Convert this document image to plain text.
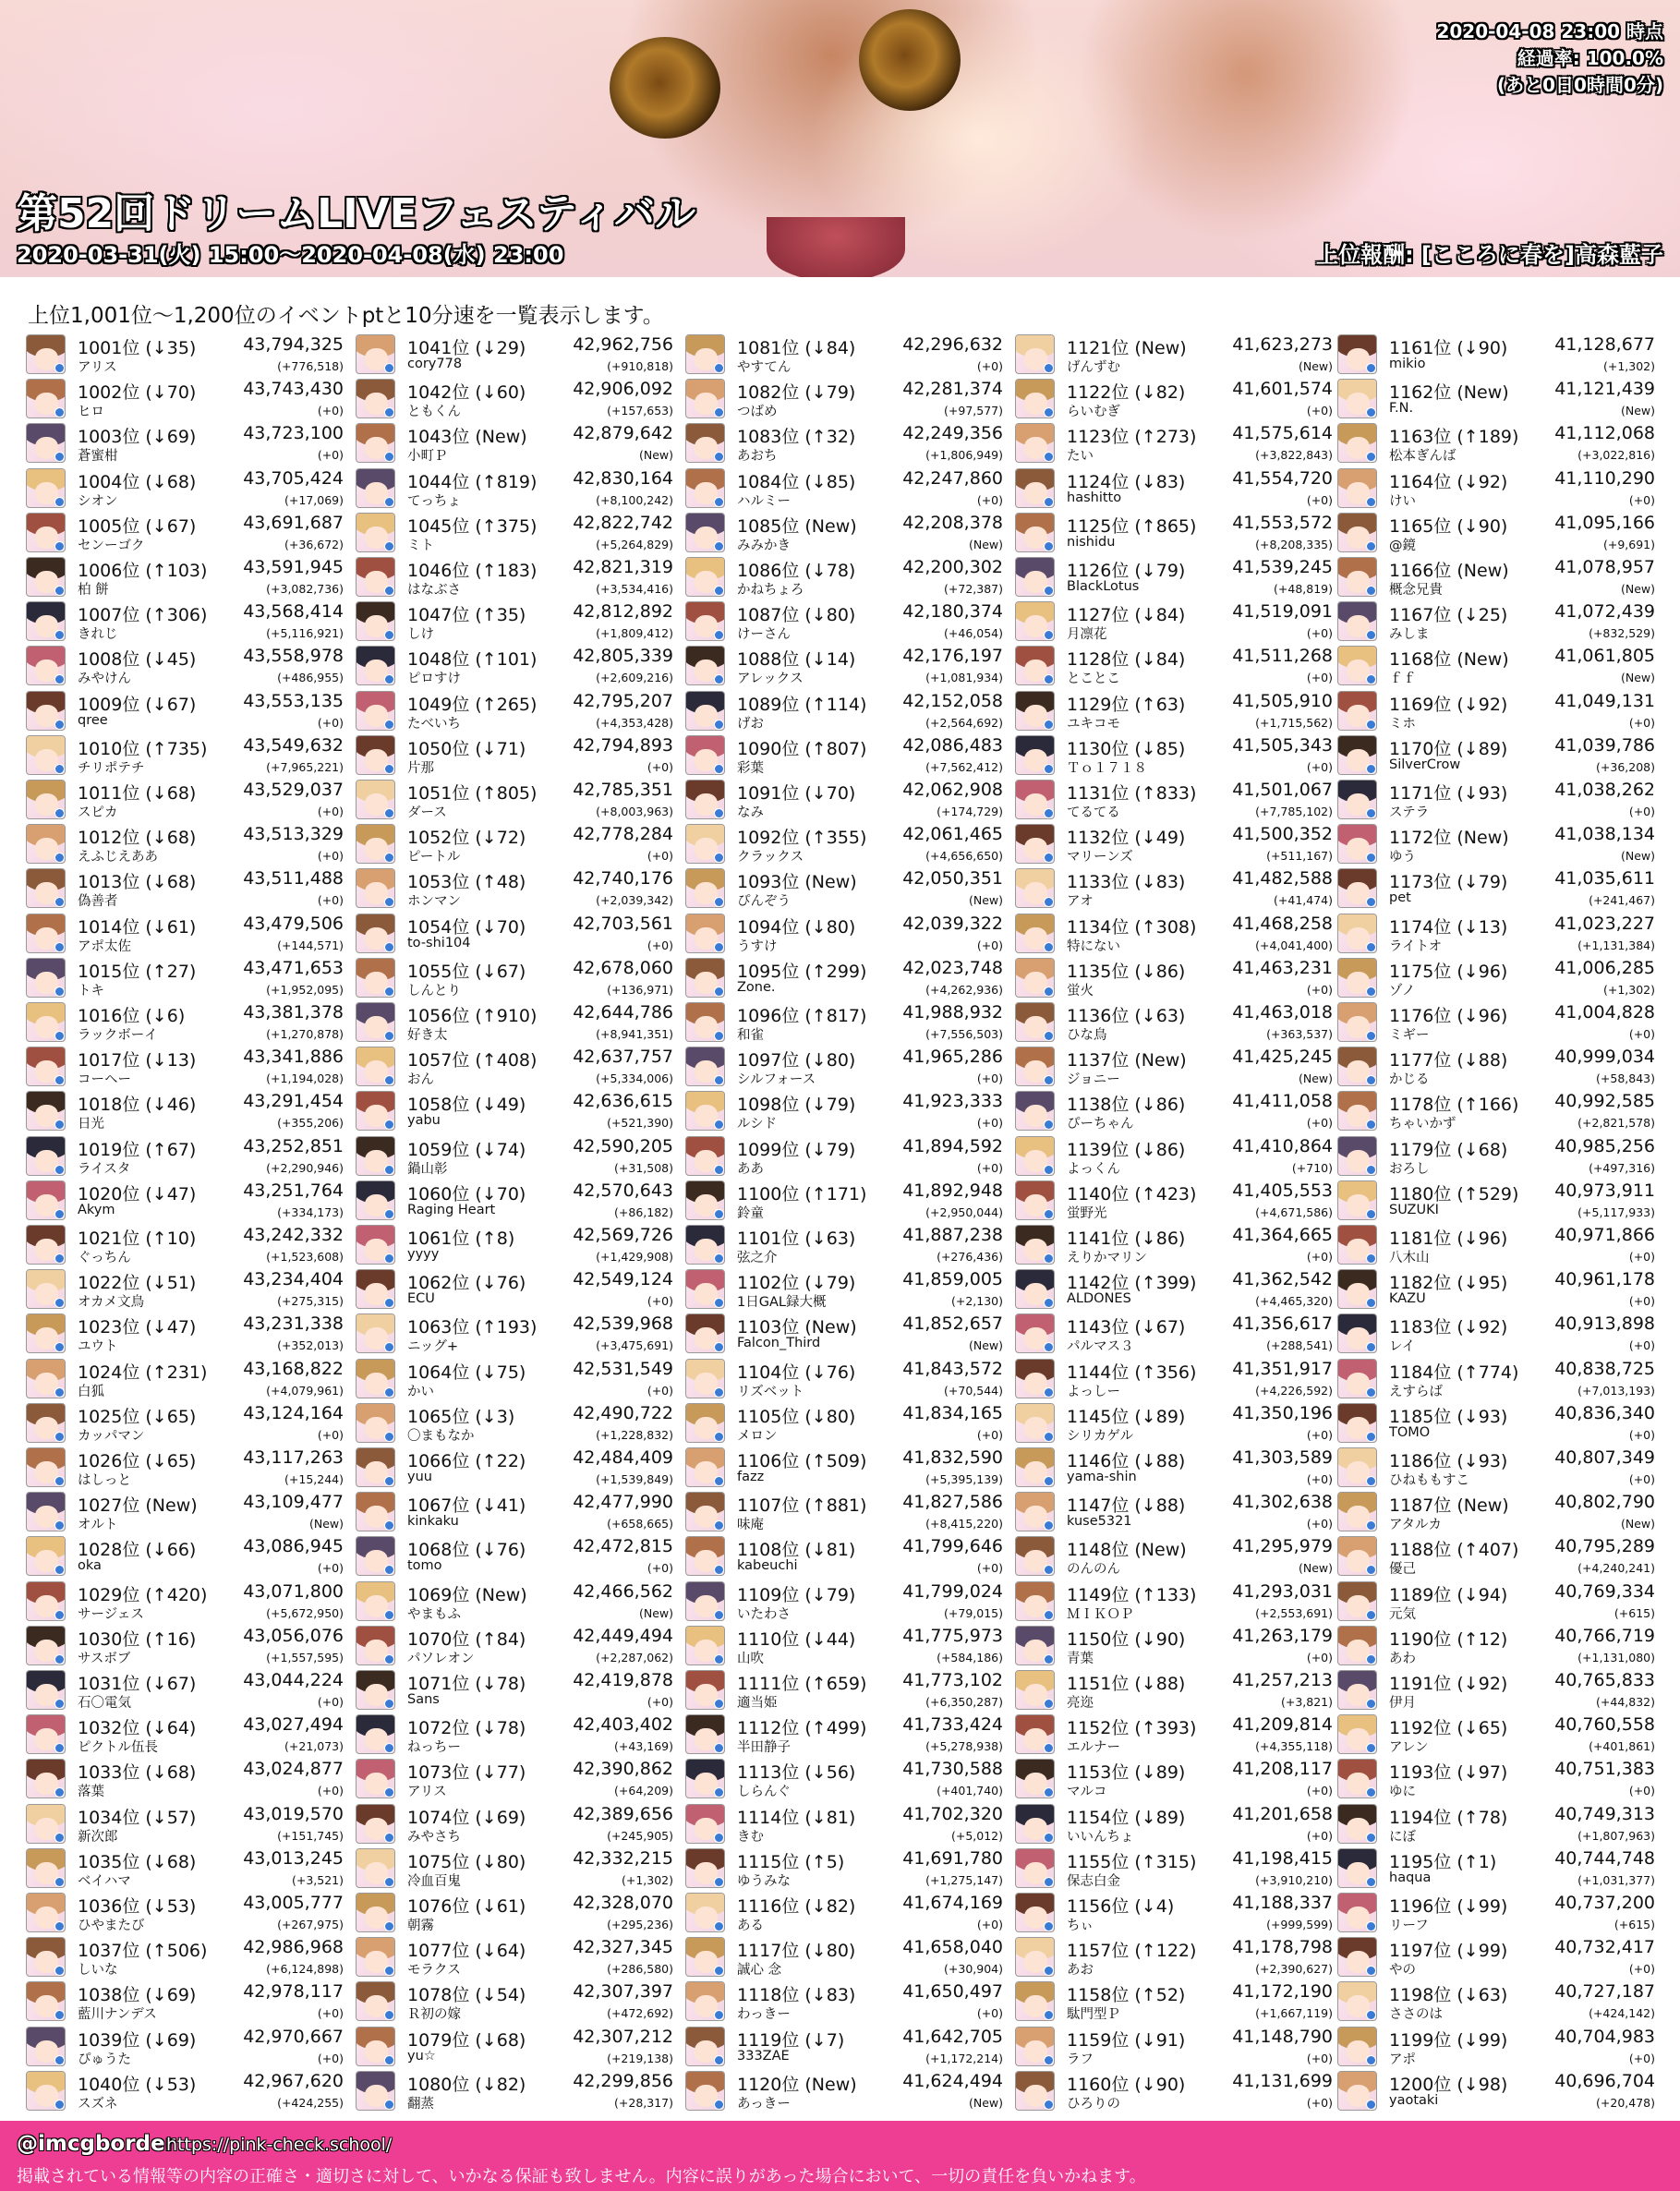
2020-04-08 23:00 時点
経過率: 100.0%
(あと0日0時間0分)
第52回ドリームLIVEフェスティバル
2020-03-31(火) 15:00〜2020-04-08(水) 23:00	上位報酬: [こころに春を]高森藍子
上位1,001位〜1,200位のイベントptと10分速を一覧表示します。
1001位 (↓35)	43,794,325
アリス	(+776,518)
1002位 (↓70)	43,743,430
ヒロ	(+0)
1003位 (↓69)	43,723,100
蒼蜜柑	(+0)
1004位 (↓68)	43,705,424
シオン	(+17,069)
1005位 (↓67)	43,691,687
センーゴク	(+36,672)
1006位 (↑103) 43,591,945
柏 餅	(+3,082,736)
1007位 (↑306) 43,568,414
きれじ	(+5,116,921)
1008位 (↓45)	43,558,978
みやけん	(+486,955)
1009位 (↓67)	43,553,135
qree	(+0)
1010位 (↑735) 43,549,632
チリポテチ	(+7,965,221)
1011位 (↓68)	43,529,037
スピカ	(+0)
1012位 (↓68)	43,513,329
えふじえああ	(+0)
1013位 (↓68)	43,511,488
偽善者	(+0)
1014位 (↓61)	43,479,506
アポ太佐	(+144,571)
1015位 (↑27)	43,471,653
トキ	(+1,952,095)
1016位 (↓6)	43,381,378
ラックボーイ	(+1,270,878)
1017位 (↓13)	43,341,886
コーヘー	(+1,194,028)
1018位 (↓46)	43,291,454
日光	(+355,206)
1019位 (↑67)	43,252,851
ライスタ	(+2,290,946)
1020位 (↓47)	43,251,764
Akym	(+334,173)
1021位 (↑10)	43,242,332
ぐっちん	(+1,523,608)
1022位 (↓51)	43,234,404
オカメ文鳥	(+275,315)
1023位 (↓47)	43,231,338
ユウト	(+352,013)
1024位 (↑231) 43,168,822
白狐	(+4,079,961)
1025位 (↓65)	43,124,164
カッパマン	(+0)
1026位 (↓65)	43,117,263
はしっと	(+15,244)
1027位 (New)	43,109,477
オルト	(New)
1028位 (↓66)	43,086,945
oka	(+0)
1029位 (↑420) 43,071,800
サージェス	(+5,672,950)
1030位 (↑16)	43,056,076
サスボブ	(+1,557,595)
1031位 (↓67)	43,044,224
石〇電気	(+0)
1032位 (↓64)	43,027,494
ピクトル伍長	(+21,073)
1033位 (↓68)	43,024,877
落葉	(+0)
1034位 (↓57)	43,019,570
新次郎	(+151,745)
1035位 (↓68)	43,013,245
ベイハマ	(+3,521)
1036位 (↓53)	43,005,777
ひやまたび	(+267,975)
1037位 (↑506) 42,986,968
しいな	(+6,124,898)
1038位 (↓69)	42,978,117
藍川ナンデス	(+0)
1039位 (↓69)	42,970,667
ぴゅうた	(+0)
1040位 (↓53)	42,967,620
スズネ	(+424,255)
1041位 (↓29)	42,962,756
cory778	(+910,818)
1042位 (↓60)	42,906,092
ともくん	(+157,653)
1043位 (New)	42,879,642
小町Ｐ	(New)
1044位 (↑819) 42,830,164
てっちょ	(+8,100,242)
1045位 (↑375) 42,822,742
ミト	(+5,264,829)
1046位 (↑183) 42,821,319
はなぶさ	(+3,534,416)
1047位 (↑35)	42,812,892
しけ	(+1,809,412)
1048位 (↑101) 42,805,339
ピロすけ	(+2,609,216)
1049位 (↑265) 42,795,207
たべいち	(+4,353,428)
1050位 (↓71)	42,794,893
片那	(+0)
1051位 (↑805) 42,785,351
ダース	(+8,003,963)
1052位 (↓72)	42,778,284
ピートル	(+0)
1053位 (↑48)	42,740,176
ホンマン	(+2,039,342)
1054位 (↓70)	42,703,561
to-shi104	(+0)
1055位 (↓67)	42,678,060
しんとり	(+136,971)
1056位 (↑910) 42,644,786
好き太	(+8,941,351)
1057位 (↑408) 42,637,757
おん	(+5,334,006)
1058位 (↓49)	42,636,615
yabu	(+521,390)
1059位 (↓74)	42,590,205
鍋山彰	(+31,508)
1060位 (↓70)	42,570,643
Raging Heart	(+86,182)
1061位 (↑8)	42,569,726
yyyy	(+1,429,908)
1062位 (↓76)	42,549,124
ECU	(+0)
1063位 (↑193) 42,539,968
ニッグ+	(+3,475,691)
1064位 (↓75)	42,531,549
かい	(+0)
1065位 (↓3)	42,490,722
〇まもなか	(+1,228,832)
1066位 (↑22)	42,484,409
yuu	(+1,539,849)
1067位 (↓41)	42,477,990
kinkaku	(+658,665)
1068位 (↓76)	42,472,815
tomo	(+0)
1069位 (New)	42,466,562
やまもふ	(New)
1070位 (↑84)	42,449,494
パソレオン	(+2,287,062)
1071位 (↓78)	42,419,878
Sans	(+0)
1072位 (↓78)	42,403,402
ねっちー	(+43,169)
1073位 (↓77)	42,390,862
アリス	(+64,209)
1074位 (↓69)	42,389,656
みやさち	(+245,905)
1075位 (↓80)	42,332,215
冷血百鬼	(+1,302)
1076位 (↓61)	42,328,070
朝霧	(+295,236)
1077位 (↓64)	42,327,345
モラクス	(+286,580)
1078位 (↓54)	42,307,397
Ｒ初の嫁	(+472,692)
1079位 (↓68)	42,307,212
yu☆	(+219,138)
1080位 (↓82)	42,299,856
翻蒸	(+28,317)
1081位 (↓84)	42,296,632
やすてん	(+0)
1082位 (↓79)	42,281,374
つばめ	(+97,577)
1083位 (↑32)	42,249,356
あおち	(+1,806,949)
1084位 (↓85)	42,247,860
ハルミー	(+0)
1085位 (New)	42,208,378
みみかき	(New)
1086位 (↓78)	42,200,302
かねちょろ	(+72,387)
1087位 (↓80)	42,180,374
けーさん	(+46,054)
1088位 (↓14)	42,176,197
アレックス	(+1,081,934)
1089位 (↑114) 42,152,058
げお	(+2,564,692)
1090位 (↑807) 42,086,483
彩葉	(+7,562,412)
1091位 (↓70)	42,062,908
なみ	(+174,729)
1092位 (↑355) 42,061,465
クラックス	(+4,656,650)
1093位 (New)	42,050,351
ぴんぞう	(New)
1094位 (↓80)	42,039,322
うすけ	(+0)
1095位 (↑299) 42,023,748
Zone.	(+4,262,936)
1096位 (↑817) 41,988,932
和雀	(+7,556,503)
1097位 (↓80)	41,965,286
シルフォース	(+0)
1098位 (↓79)	41,923,333
ルシド	(+0)
1099位 (↓79)	41,894,592
ああ	(+0)
1100位 (↑171) 41,892,948
鈴童	(+2,950,044)
1101位 (↓63)	41,887,238
弦之介	(+276,436)
1102位 (↓79)	41,859,005
1日GAL録大概	(+2,130)
1103位 (New)	41,852,657
Falcon_Third	(New)
1104位 (↓76)	41,843,572
リズベット	(+70,544)
1105位 (↓80)	41,834,165
メロン	(+0)
1106位 (↑509) 41,832,590
fazz	(+5,395,139)
1107位 (↑881) 41,827,586
味庵	(+8,415,220)
1108位 (↓81)	41,799,646
kabeuchi	(+0)
1109位 (↓79)	41,799,024
いたわさ	(+79,015)
1110位 (↓44)	41,775,973
山吹	(+584,186)
1111位 (↑659) 41,773,102
適当姫	(+6,350,287)
1112位 (↑499) 41,733,424
半田静子	(+5,278,938)
1113位 (↓56)	41,730,588
しらんぐ	(+401,740)
1114位 (↓81)	41,702,320
きむ	(+5,012)
1115位 (↑5)	41,691,780
ゆうみな	(+1,275,147)
1116位 (↓82)	41,674,169
ある	(+0)
1117位 (↓80)	41,658,040
誠心 念	(+30,904)
1118位 (↓83)	41,650,497
わっきー	(+0)
1119位 (↓7)	41,642,705
333ZAE	(+1,172,214)
1120位 (New)	41,624,494
あっきー	(New)
1121位 (New)	41,623,273
げんずむ	(New)
1122位 (↓82)	41,601,574
らいむぎ	(+0)
1123位 (↑273) 41,575,614
たい	(+3,822,843)
1124位 (↓83)	41,554,720
hashitto	(+0)
1125位 (↑865) 41,553,572
nishidu	(+8,208,335)
1126位 (↓79)	41,539,245
BlackLotus	(+48,819)
1127位 (↓84)	41,519,091
月凛花	(+0)
1128位 (↓84)	41,511,268
とことこ	(+0)
1129位 (↑63)	41,505,910
ユキコモ	(+1,715,562)
1130位 (↓85)	41,505,343
Ｔｏ１７１８	(+0)
1131位 (↑833) 41,501,067
てるてる	(+7,785,102)
1132位 (↓49)	41,500,352
マリーンズ	(+511,167)
1133位 (↓83)	41,482,588
アオ	(+41,474)
1134位 (↑308) 41,468,258
特にない	(+4,041,400)
1135位 (↓86)	41,463,231
蛍火	(+0)
1136位 (↓63)	41,463,018
ひな鳥	(+363,537)
1137位 (New)	41,425,245
ジョニー	(New)
1138位 (↓86)	41,411,058
ぴーちゃん	(+0)
1139位 (↓86)	41,410,864
よっくん	(+710)
1140位 (↑423) 41,405,553
蛍野光	(+4,671,586)
1141位 (↓86)	41,364,665
えりかマリン	(+0)
1142位 (↑399) 41,362,542
ALDONES	(+4,465,320)
1143位 (↓67)	41,356,617
パルマス３	(+288,541)
1144位 (↑356) 41,351,917
よっしー	(+4,226,592)
1145位 (↓89)	41,350,196
シリカゲル	(+0)
1146位 (↓88)	41,303,589
yama-shin	(+0)
1147位 (↓88)	41,302,638
kuse5321	(+0)
1148位 (New)	41,295,979
のんのん	(New)
1149位 (↑133) 41,293,031
ＭＩＫＯＰ	(+2,553,691)
1150位 (↓90)	41,263,179
青葉	(+0)
1151位 (↓88)	41,257,213
亮迩	(+3,821)
1152位 (↑393) 41,209,814
エルナー	(+4,355,118)
1153位 (↓89)	41,208,117
マルコ	(+0)
1154位 (↓89)	41,201,658
いいんちょ	(+0)
1155位 (↑315) 41,198,415
保志白金	(+3,910,210)
1156位 (↓4)	41,188,337
ちぃ	(+999,599)
1157位 (↑122) 41,178,798
あお	(+2,390,627)
1158位 (↑52)	41,172,190
駄門型Ｐ	(+1,667,119)
1159位 (↓91)	41,148,790
ラフ	(+0)
1160位 (↓90)	41,131,699
ひろりの	(+0)
1161位 (↓90)	41,128,677
mikio	(+1,302)
1162位 (New)	41,121,439
F.N.	(New)
1163位 (↑189) 41,112,068
松本ぎんば	(+3,022,816)
1164位 (↓92)	41,110,290
けい	(+0)
1165位 (↓90)	41,095,166
@鏡	(+9,691)
1166位 (New)	41,078,957
概念兄貴	(New)
1167位 (↓25)	41,072,439
みしま	(+832,529)
1168位 (New)	41,061,805
ｆｆ	(New)
1169位 (↓92)	41,049,131
ミホ	(+0)
1170位 (↓89)	41,039,786
SilverCrow	(+36,208)
1171位 (↓93)	41,038,262
ステラ	(+0)
1172位 (New)	41,038,134
ゆう	(New)
1173位 (↓79)	41,035,611
pet	(+241,467)
1174位 (↓13)	41,023,227
ライトオ	(+1,131,384)
1175位 (↓96)	41,006,285
ゾノ	(+1,302)
1176位 (↓96)	41,004,828
ミギー	(+0)
1177位 (↓88)	40,999,034
かじる	(+58,843)
1178位 (↑166) 40,992,585
ちゃいかず	(+2,821,578)
1179位 (↓68)	40,985,256
おろし	(+497,316)
1180位 (↑529) 40,973,911
SUZUKI	(+5,117,933)
1181位 (↓96)	40,971,866
八木山	(+0)
1182位 (↓95)	40,961,178
KAZU	(+0)
1183位 (↓92)	40,913,898
レイ	(+0)
1184位 (↑774) 40,838,725
えすらば	(+7,013,193)
1185位 (↓93)	40,836,340
TOMO	(+0)
1186位 (↓93)	40,807,349
ひねももすこ	(+0)
1187位 (New)	40,802,790
アタルカ	(New)
1188位 (↑407) 40,795,289
優己	(+4,240,241)
1189位 (↓94)	40,769,334
元気	(+615)
1190位 (↑12)	40,766,719
あわ	(+1,131,080)
1191位 (↓92)	40,765,833
伊月	(+44,832)
1192位 (↓65)	40,760,558
アレン	(+401,861)
1193位 (↓97)	40,751,383
ゆに	(+0)
1194位 (↑78)	40,749,313
にぼ	(+1,807,963)
1195位 (↑1)	40,744,748
haqua	(+1,031,377)
1196位 (↓99)	40,737,200
リーフ	(+615)
1197位 (↓99)	40,732,417
やの	(+0)
1198位 (↓63)	40,727,187
ささのは	(+424,142)
1199位 (↓99)	40,704,983
アポ	(+0)
1200位 (↓98)	40,696,704
yaotaki	(+20,478)
@imcgborder
https://pink-check.school/
掲載されている情報等の内容の正確さ・適切さに対して、いかなる保証も致しません。内容に誤りがあった場合において、一切の責任を負いかねます。
